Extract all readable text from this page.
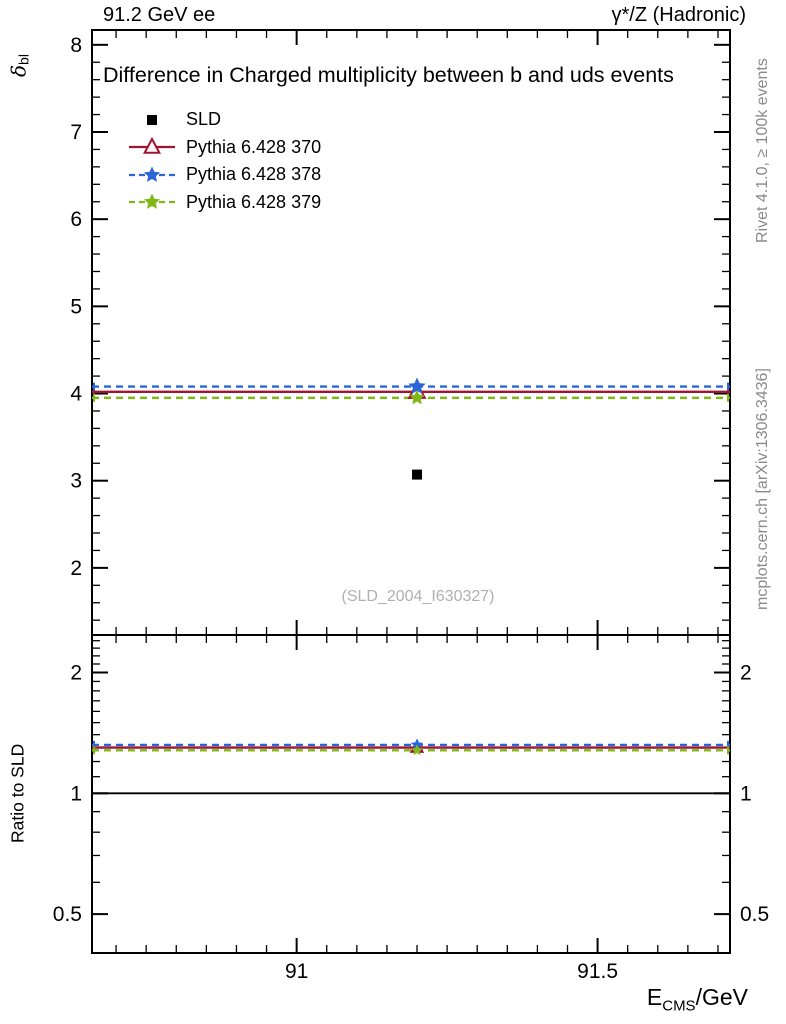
2
3
4
5
6
7
8
0.5	0.5
1	1
2	2
91	91.5
91.2 GeV ee	γ*/Z (Hadronic)
$\delta_{bl}$
Difference in Charged multiplicity between b and uds events
SLD
Pythia 6.428 370
Pythia 6.428 378
Pythia 6.428 379
(SLD_2004_I630327)
Rivet 4.1.0, ≥ 100k events
mcplots.cern.ch [arXiv:1306.3436]
Ratio to SLD
$E_{CMS}$/GeV
